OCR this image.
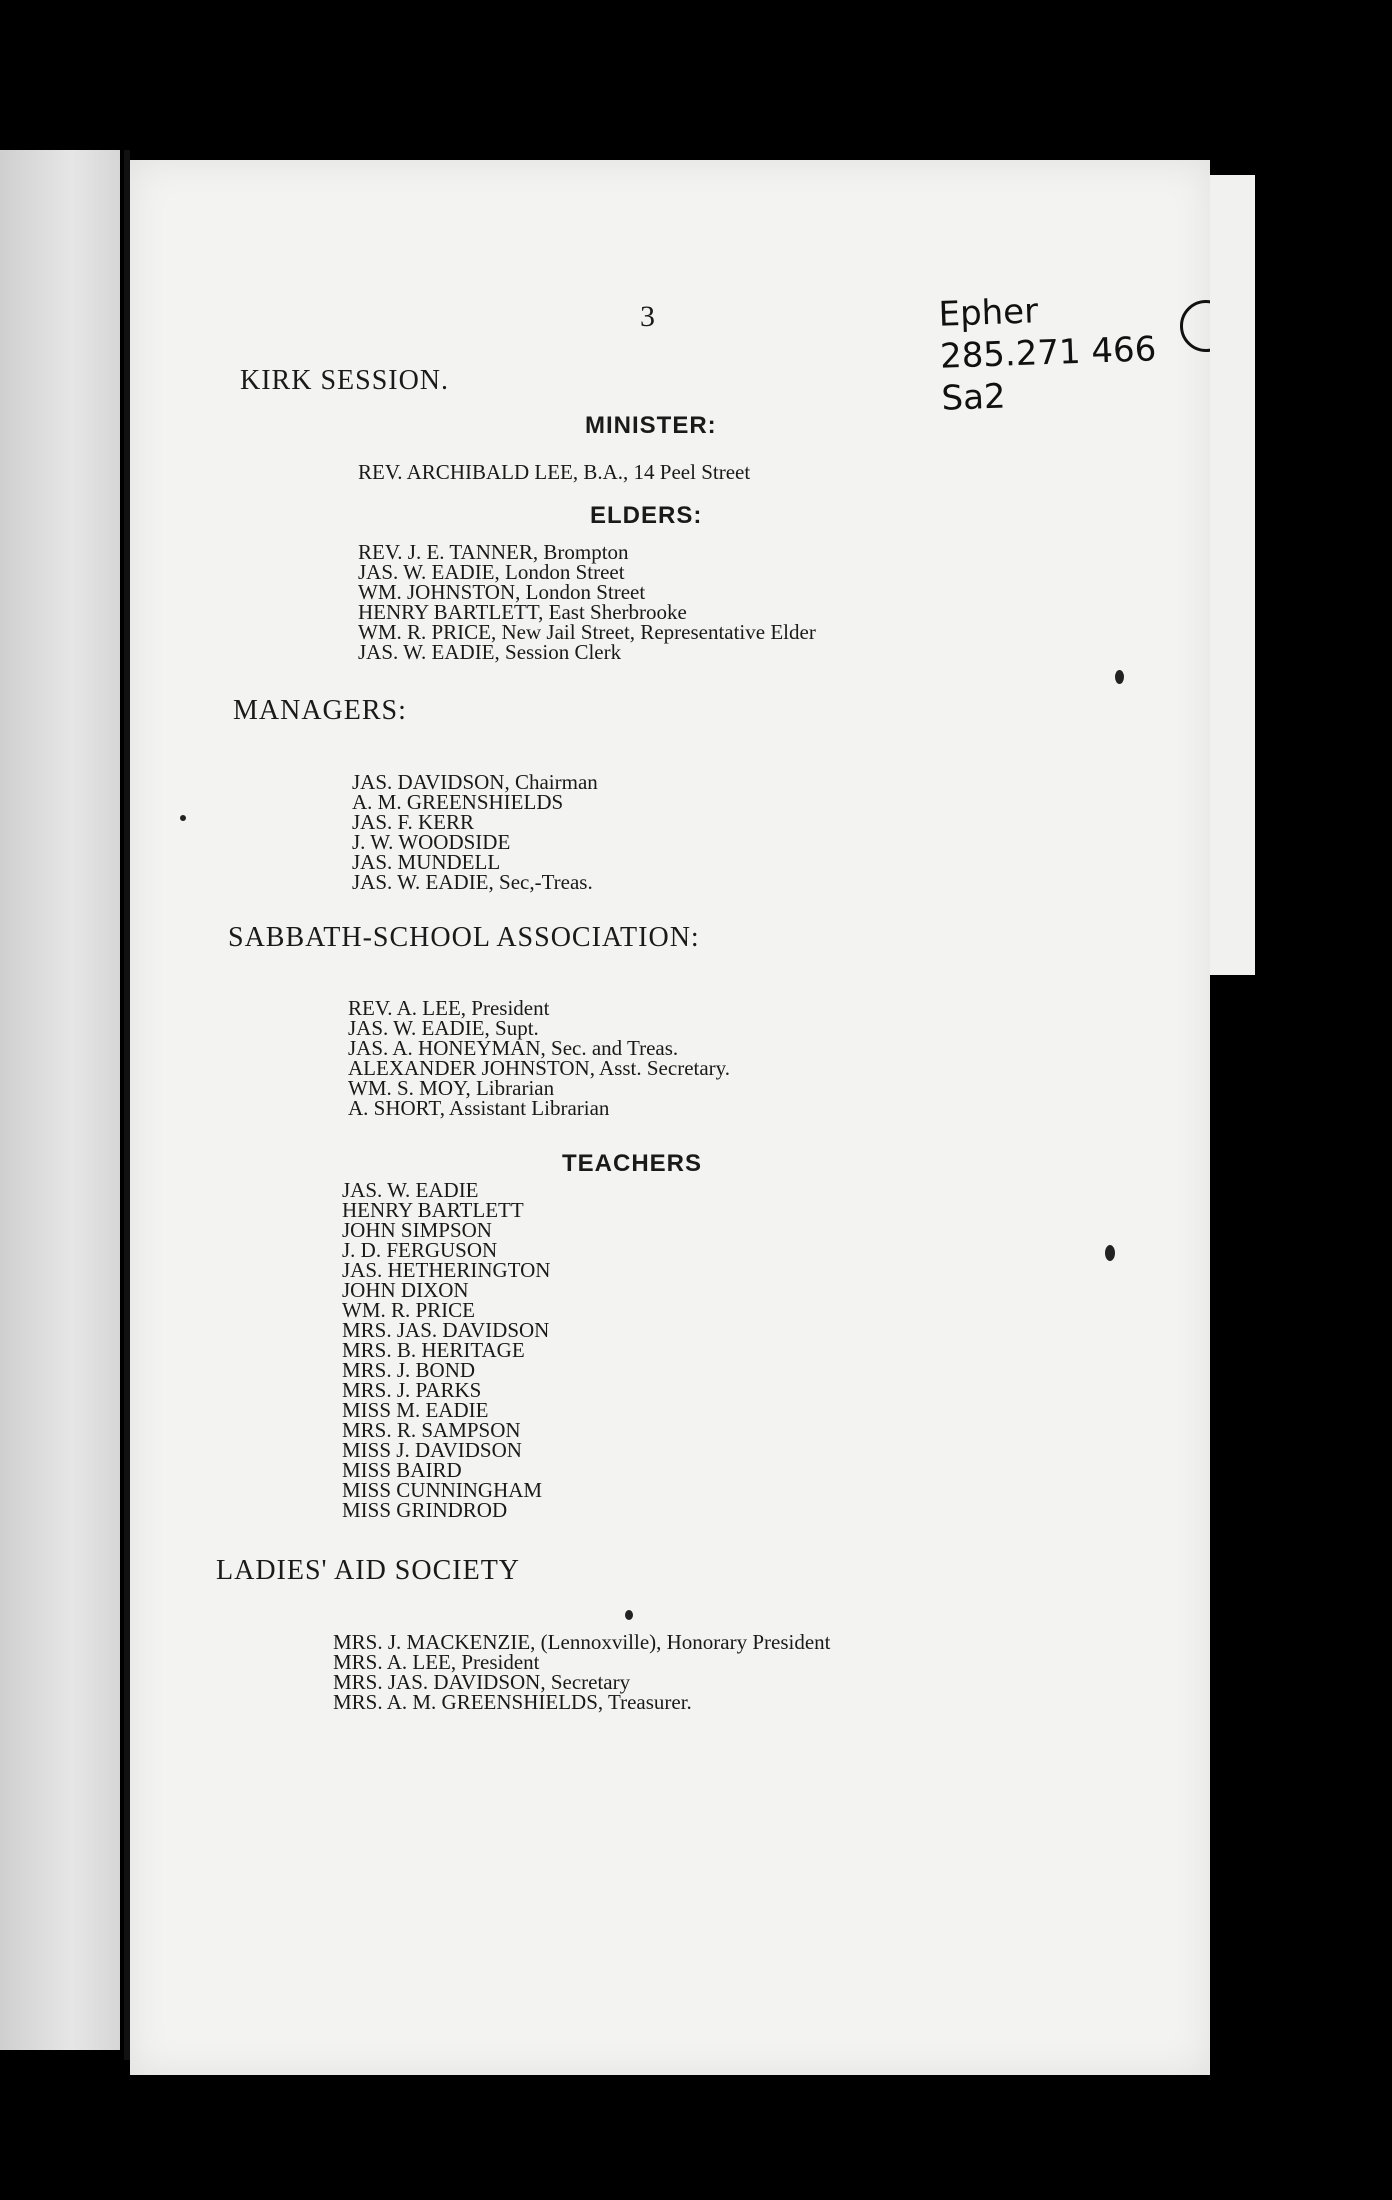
3	Epher
285.271 466
Sa2
KIRK SESSION.
MINISTER:
REV. ARCHIBALD LEE, B.A., 14 Peel Street
ELDERS:
REV. J. E. TANNER, Brompton
JAS. W. EADIE, London Street
WM. JOHNSTON, London Street
HENRY BARTLETT, East Sherbrooke
WM. R. PRICE, New Jail Street, Representative Elder
JAS. W. EADIE, Session Clerk
MANAGERS:
JAS. DAVIDSON, Chairman
A. M. GREENSHIELDS
JAS. F. KERR
J. W. WOODSIDE
JAS. MUNDELL
JAS. W. EADIE, Sec,-Treas.
SABBATH-SCHOOL ASSOCIATION:
REV. A. LEE, President
JAS. W. EADIE, Supt.
JAS. A. HONEYMAN, Sec. and Treas.
ALEXANDER JOHNSTON, Asst. Secretary.
WM. S. MOY, Librarian
A. SHORT, Assistant Librarian
TEACHERS
JAS. W. EADIE
HENRY BARTLETT
JOHN SIMPSON
J. D. FERGUSON
JAS. HETHERINGTON
JOHN DIXON
WM. R. PRICE
MRS. JAS. DAVIDSON
MRS. B. HERITAGE
MRS. J. BOND
MRS. J. PARKS
MISS M. EADIE
MRS. R. SAMPSON
MISS J. DAVIDSON
MISS BAIRD
MISS CUNNINGHAM
MISS GRINDROD
LADIES' AID SOCIETY
MRS. J. MACKENZIE, (Lennoxville), Honorary President
MRS. A. LEE, President
MRS. JAS. DAVIDSON, Secretary
MRS. A. M. GREENSHIELDS, Treasurer.
